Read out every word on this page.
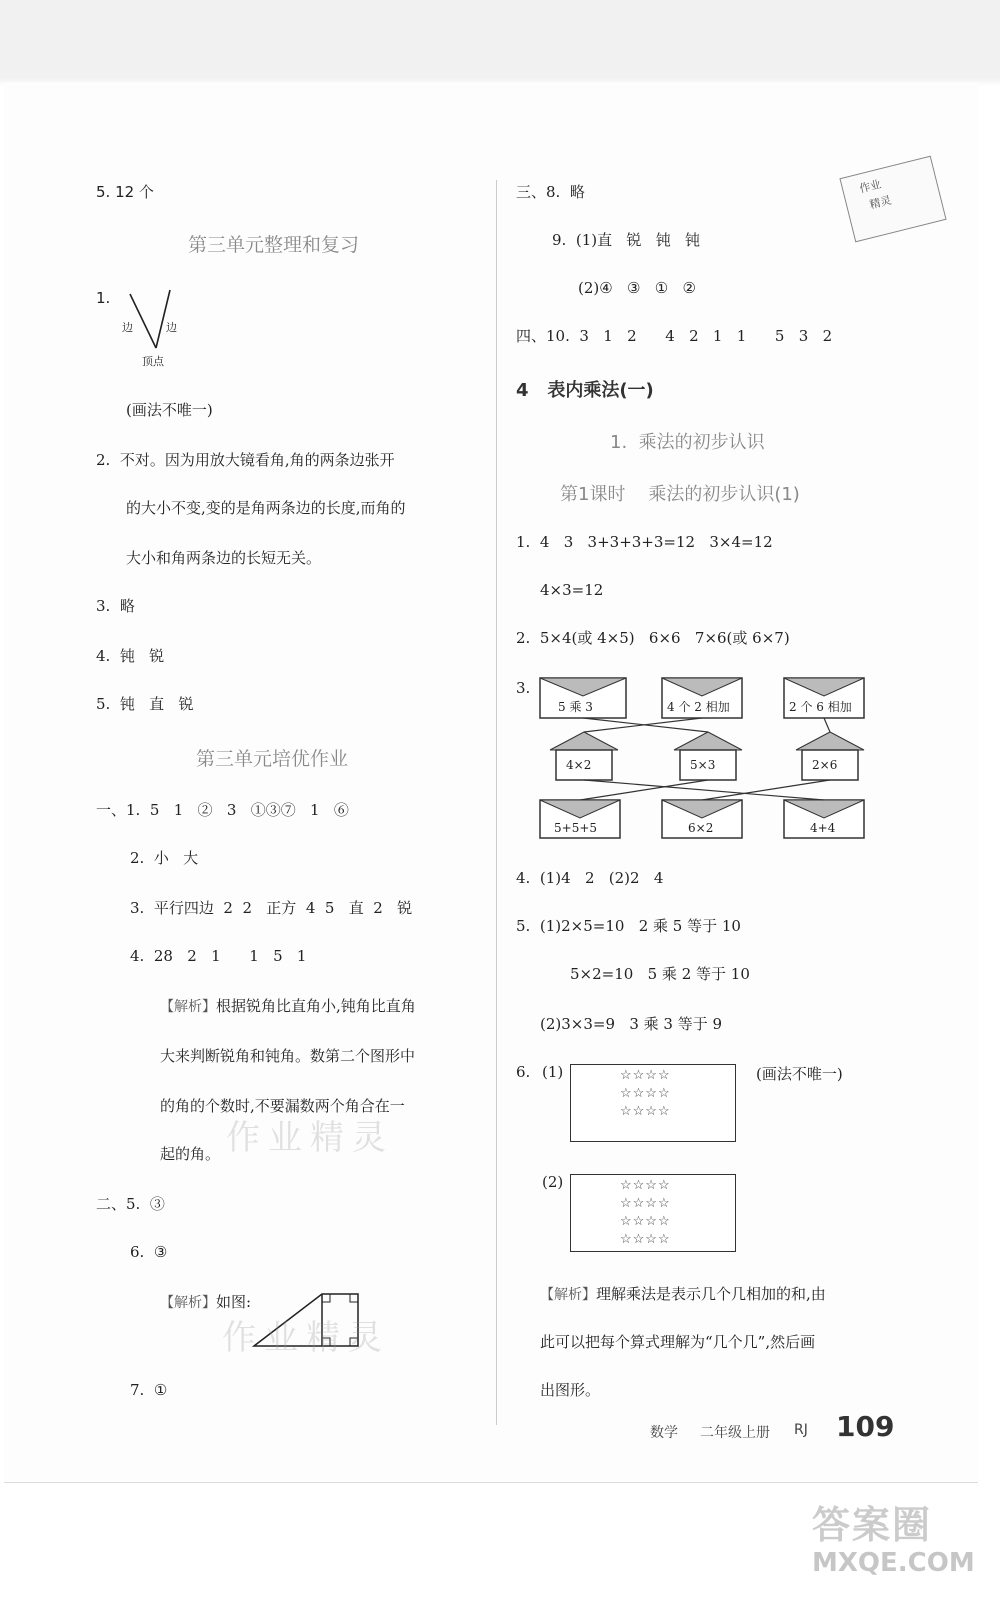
5. 12 个
第三单元整理和复习
1.
边	边
顶点
(画法不唯一)
2.  不对。因为用放大镜看角,角的两条边张开
的大小不变,变的是角两条边的长度,而角的
大小和角两条边的长短无关。
3.  略
4.  钝   锐
5.  钝   直   锐
第三单元培优作业
一、1.  5   1   ②   3   ①③⑦   1   ⑥
2.  小   大
3.  平行四边  2  2   正方  4  5   直  2   锐
4.  28   2   1      1   5   1
【解析】根据锐角比直角小,钝角比直角
大来判断锐角和钝角。数第二个图形中
的角的个数时,不要漏数两个角合在一
起的角。
二、5.  ③
6.  ③
【解析】如图:
7.  ①
作业精灵
作业精灵
三、8.  略	作业
精灵
9.  (1)直   锐   钝   钝
(2)④   ③   ①   ②
四、10.  3   1   2      4   2   1   1      5   3   2
4   表内乘法(一)
1.  乘法的初步认识
第1课时    乘法的初步认识(1)
1.  4   3   3+3+3+3=12   3×4=12
4×3=12
2.  5×4(或 4×5)   6×6   7×6(或 6×7)
3.
5 乘 3	4 个 2 相加	2 个 6 相加
4×2	5×3	2×6
5+5+5	6×2	4+4
4.  (1)4   2   (2)2   4
5.  (1)2×5=10   2 乘 5 等于 10
5×2=10   5 乘 2 等于 10
(2)3×3=9   3 乘 3 等于 9
6. (1)	☆☆☆☆
☆☆☆☆
☆☆☆☆
(画法不唯一)
(2)	☆☆☆☆
☆☆☆☆
☆☆☆☆
☆☆☆☆
【解析】理解乘法是表示几个几相加的和,由
此可以把每个算式理解为“几个几”,然后画
出图形。
数学 二年级上册 RJ 109
答案圈
MXQE.COM
